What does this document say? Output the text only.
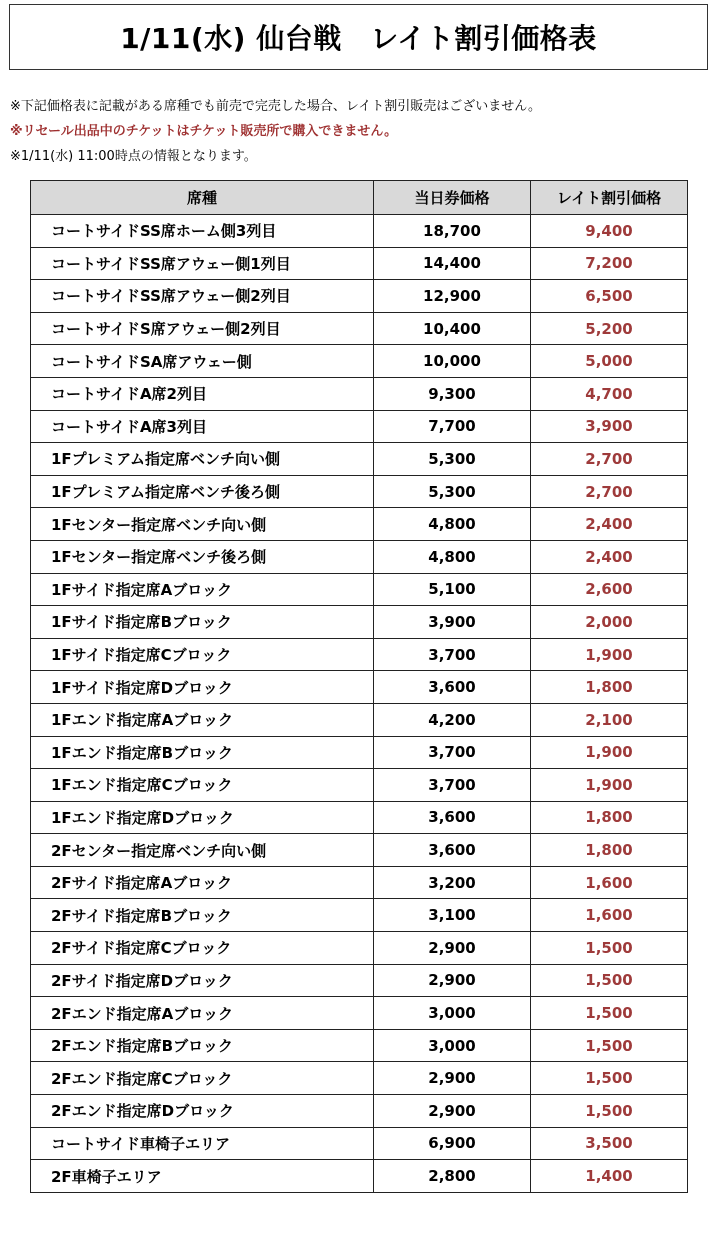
1/11(水) 仙台戦　レイト割引価格表
※下記価格表に記載がある席種でも前売で完売した場合、レイト割引販売はございません。
※リセール出品中のチケットはチケット販売所で購入できません。
※1/11(水) 11:00時点の情報となります。
席種	当日券価格	レイト割引価格
コートサイドSS席ホーム側3列目	18,700	9,400
コートサイドSS席アウェー側1列目	14,400	7,200
コートサイドSS席アウェー側2列目	12,900	6,500
コートサイドS席アウェー側2列目	10,400	5,200
コートサイドSA席アウェー側	10,000	5,000
コートサイドA席2列目	9,300	4,700
コートサイドA席3列目	7,700	3,900
1Fプレミアム指定席ベンチ向い側	5,300	2,700
1Fプレミアム指定席ベンチ後ろ側	5,300	2,700
1Fセンター指定席ベンチ向い側	4,800	2,400
1Fセンター指定席ベンチ後ろ側	4,800	2,400
1Fサイド指定席Aブロック	5,100	2,600
1Fサイド指定席Bブロック	3,900	2,000
1Fサイド指定席Cブロック	3,700	1,900
1Fサイド指定席Dブロック	3,600	1,800
1Fエンド指定席Aブロック	4,200	2,100
1Fエンド指定席Bブロック	3,700	1,900
1Fエンド指定席Cブロック	3,700	1,900
1Fエンド指定席Dブロック	3,600	1,800
2Fセンター指定席ベンチ向い側	3,600	1,800
2Fサイド指定席Aブロック	3,200	1,600
2Fサイド指定席Bブロック	3,100	1,600
2Fサイド指定席Cブロック	2,900	1,500
2Fサイド指定席Dブロック	2,900	1,500
2Fエンド指定席Aブロック	3,000	1,500
2Fエンド指定席Bブロック	3,000	1,500
2Fエンド指定席Cブロック	2,900	1,500
2Fエンド指定席Dブロック	2,900	1,500
コートサイド車椅子エリア	6,900	3,500
2F車椅子エリア	2,800	1,400
